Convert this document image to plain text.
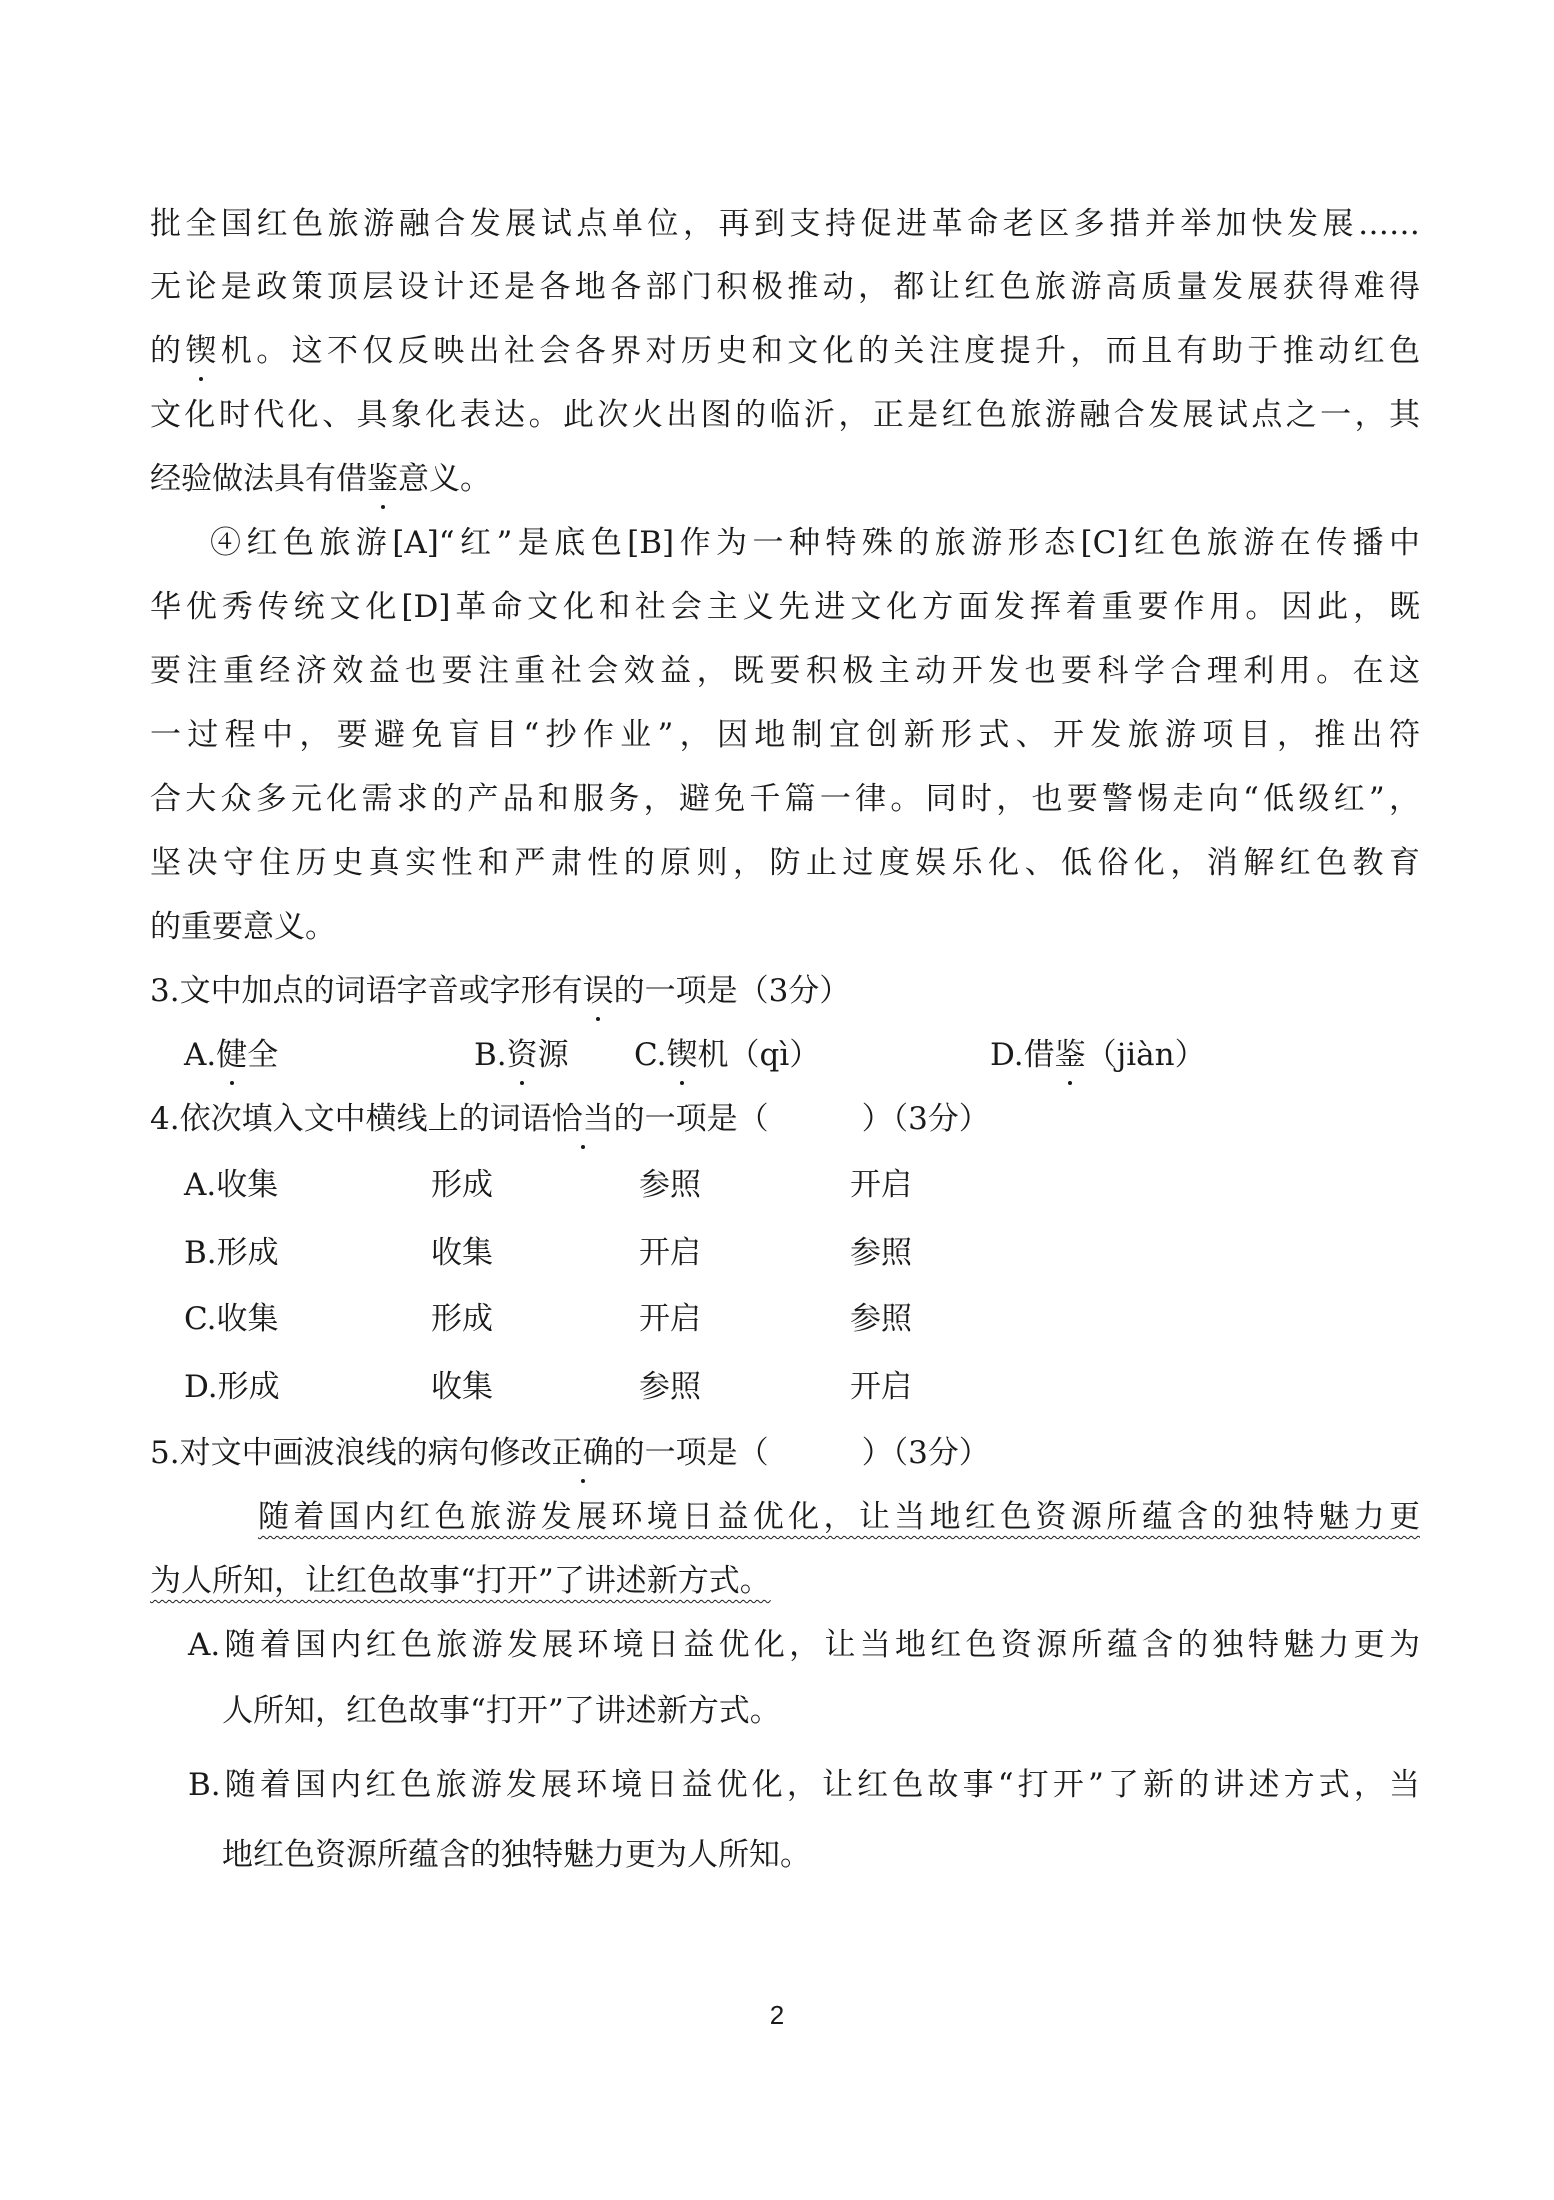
批全国红色旅游融合发展试点单位，再到支持促进革命老区多措并举加快发展……

无论是政策顶层设计还是各地各部门积极推动，都让红色旅游高质量发展获得难得

的锲机。这不仅反映出社会各界对历史和文化的关注度提升，而且有助于推动红色

文化时代化、具象化表达。此次火出图的临沂，正是红色旅游融合发展试点之一，其

经验做法具有借鉴意义。

④红色旅游[A]“红”是底色[B]作为一种特殊的旅游形态[C]红色旅游在传播中

华优秀传统文化[D]革命文化和社会主义先进文化方面发挥着重要作用。因此，既

要注重经济效益也要注重社会效益，既要积极主动开发也要科学合理利用。在这

一过程中，要避免盲目“抄作业”，因地制宜创新形式、开发旅游项目，推出符

合大众多元化需求的产品和服务，避免千篇一律。同时，也要警惕走向“低级红”，

坚决守住历史真实性和严肃性的原则，防止过度娱乐化、低俗化，消解红色教育

的重要意义。

3.文中加点的词语字音或字形有误的一项是（3分）

A.健全	B.资源 C.锲机（qì）	D.借鉴（jiàn）

4.依次填入文中横线上的词语恰当的一项是（　　　）（3分）

A.收集	形成	参照	开启
B.形成	收集	开启	参照
C.收集	形成	开启	参照
D.形成	收集	参照	开启

5.对文中画波浪线的病句修改正确的一项是（　　　）（3分）

随着国内红色旅游发展环境日益优化，让当地红色资源所蕴含的独特魅力更

为人所知，让红色故事“打开”了讲述新方式。

A.随着国内红色旅游发展环境日益优化，让当地红色资源所蕴含的独特魅力更为

人所知，红色故事“打开”了讲述新方式。

B.随着国内红色旅游发展环境日益优化，让红色故事“打开”了新的讲述方式，当

地红色资源所蕴含的独特魅力更为人所知。

2
